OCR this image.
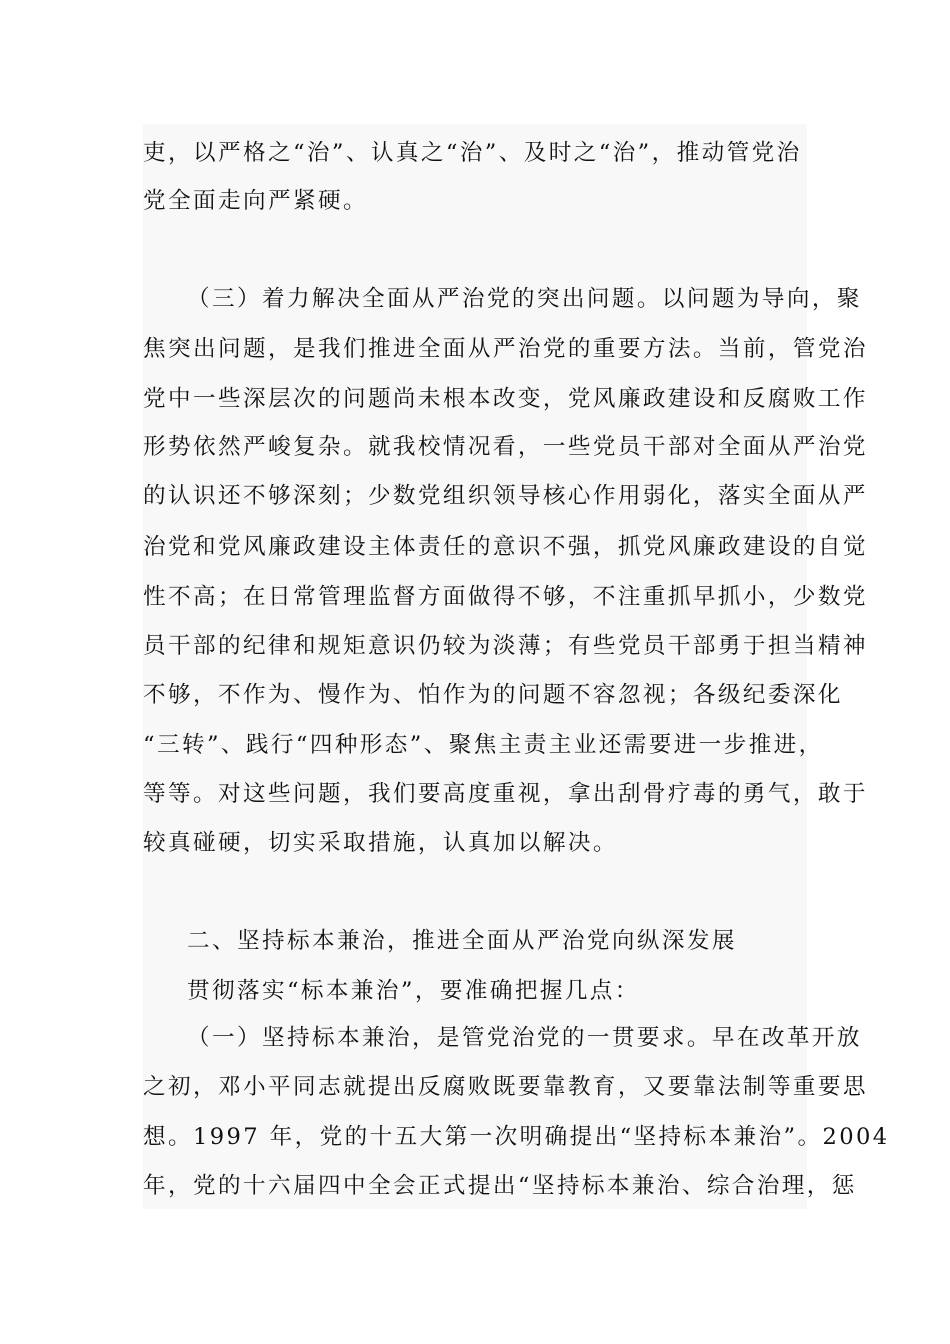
吏，以严格之“治”、认真之“治”、及时之“治”，推动管党治
党全面走向严紧硬。
（三）着力解决全面从严治党的突出问题。以问题为导向，聚
焦突出问题，是我们推进全面从严治党的重要方法。当前，管党治
党中一些深层次的问题尚未根本改变，党风廉政建设和反腐败工作
形势依然严峻复杂。就我校情况看，一些党员干部对全面从严治党
的认识还不够深刻；少数党组织领导核心作用弱化，落实全面从严
治党和党风廉政建设主体责任的意识不强，抓党风廉政建设的自觉
性不高；在日常管理监督方面做得不够，不注重抓早抓小，少数党
员干部的纪律和规矩意识仍较为淡薄；有些党员干部勇于担当精神
不够，不作为、慢作为、怕作为的问题不容忽视；各级纪委深化
“三转”、践行“四种形态”、聚焦主责主业还需要进一步推进，
等等。对这些问题，我们要高度重视，拿出刮骨疗毒的勇气，敢于
较真碰硬，切实采取措施，认真加以解决。
二、坚持标本兼治，推进全面从严治党向纵深发展
贯彻落实“标本兼治”，要准确把握几点：
（一）坚持标本兼治，是管党治党的一贯要求。早在改革开放
之初，邓小平同志就提出反腐败既要靠教育，又要靠法制等重要思
想。1997 年，党的十五大第一次明确提出“坚持标本兼治”。2004
年，党的十六届四中全会正式提出“坚持标本兼治、综合治理，惩
